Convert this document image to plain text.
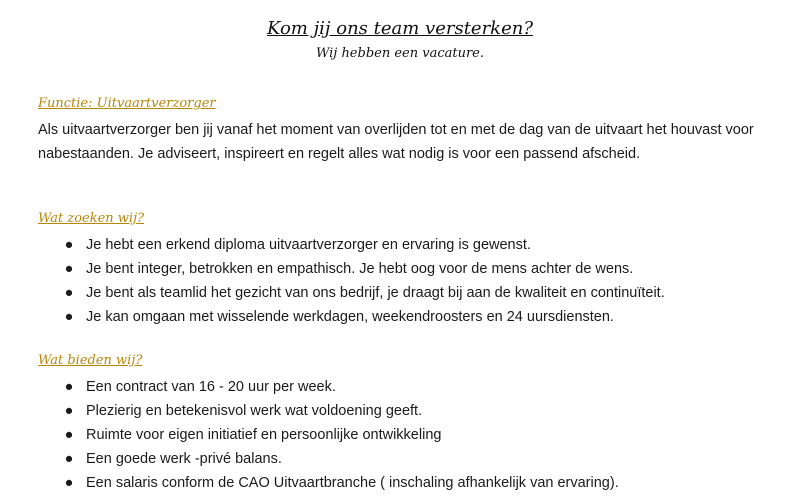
Kom jij ons team versterken?
Wij hebben een vacature.
Functie: Uitvaartverzorger

Als uitvaartverzorger ben jij vanaf het moment van overlijden tot en met de dag van de uitvaart het houvast voor nabestaanden. Je adviseert, inspireert en regelt alles wat nodig is voor een passend afscheid.

Wat zoeken wij?
● Je hebt een erkend diploma uitvaartverzorger en ervaring is gewenst.
● Je bent integer, betrokken en empathisch. Je hebt oog voor de mens achter de wens.
● Je bent als teamlid het gezicht van ons bedrijf, je draagt bij aan de kwaliteit en continuïteit.
● Je kan omgaan met wisselende werkdagen, weekendroosters en 24 uursdiensten.
Wat bieden wij?
● Een contract van 16 - 20 uur per week.
● Plezierig en betekenisvol werk wat voldoening geeft.
● Ruimte voor eigen initiatief en persoonlijke ontwikkeling
● Een goede werk -privé balans.
● Een salaris conform de CAO Uitvaartbranche ( inschaling afhankelijk van ervaring).
